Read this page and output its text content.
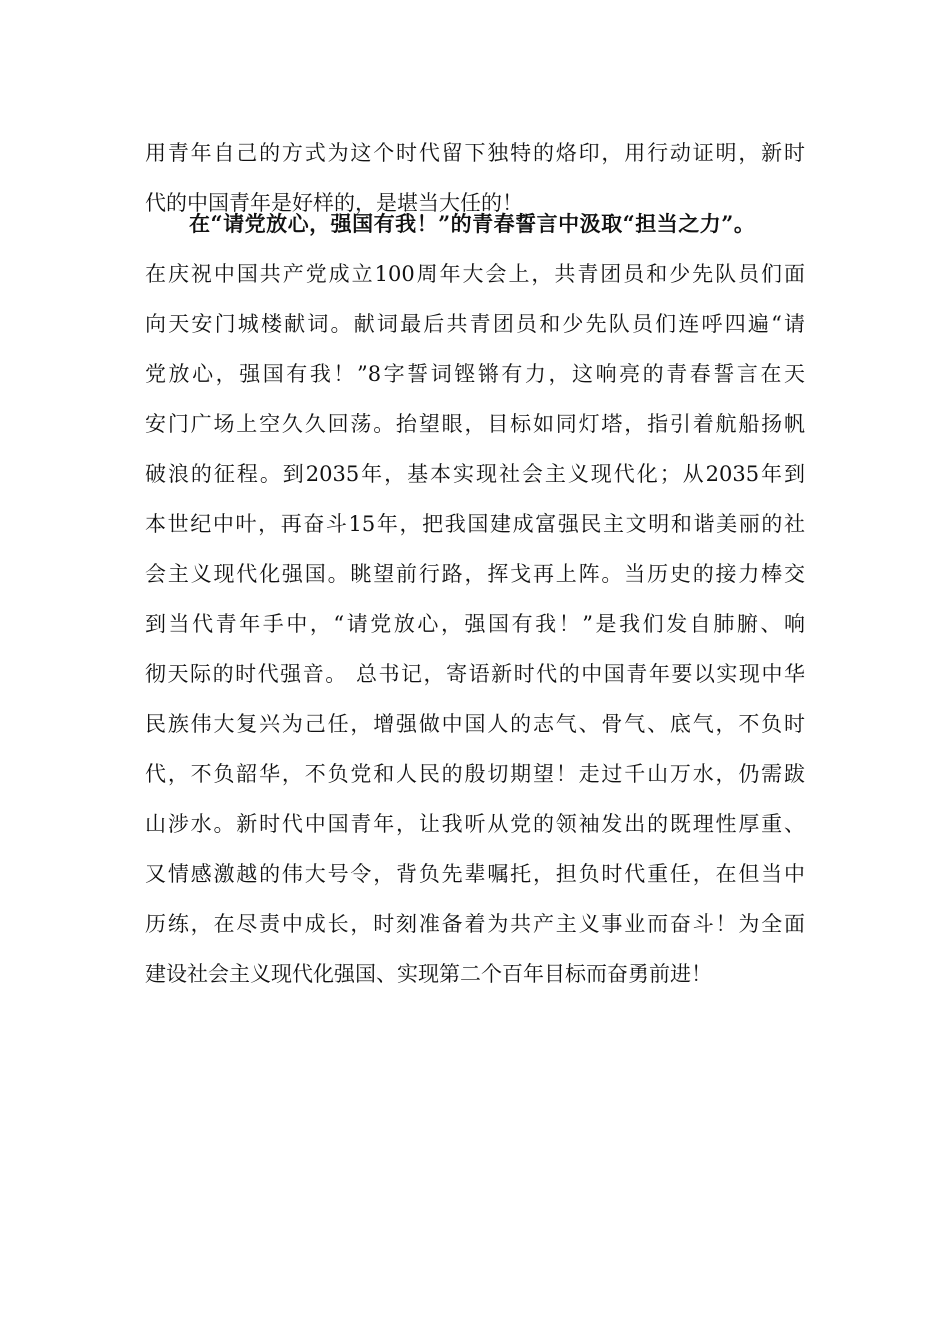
用青年自己的方式为这个时代留下独特的烙印，用行动证明，新时
代的中国青年是好样的，是堪当大任的！
在“请党放心，强国有我！”的青春誓言中汲取“担当之力”。
在庆祝中国共产党成立100周年大会上，共青团员和少先队员们面
向天安门城楼献词。献词最后共青团员和少先队员们连呼四遍“请
党放心，强国有我！”8字誓词铿锵有力，这响亮的青春誓言在天
安门广场上空久久回荡。抬望眼，目标如同灯塔，指引着航船扬帆
破浪的征程。到2035年，基本实现社会主义现代化；从2035年到
本世纪中叶，再奋斗15年，把我国建成富强民主文明和谐美丽的社
会主义现代化强国。眺望前行路，挥戈再上阵。当历史的接力棒交
到当代青年手中，“请党放心，强国有我！”是我们发自肺腑、响
彻天际的时代强音。 总书记，寄语新时代的中国青年要以实现中华
民族伟大复兴为己任，增强做中国人的志气、骨气、底气，不负时
代，不负韶华，不负党和人民的殷切期望！走过千山万水，仍需跋
山涉水。新时代中国青年，让我听从党的领袖发出的既理性厚重、
又情感激越的伟大号令，背负先辈嘱托，担负时代重任，在但当中
历练，在尽责中成长，时刻准备着为共产主义事业而奋斗！为全面
建设社会主义现代化强国、实现第二个百年目标而奋勇前进！
